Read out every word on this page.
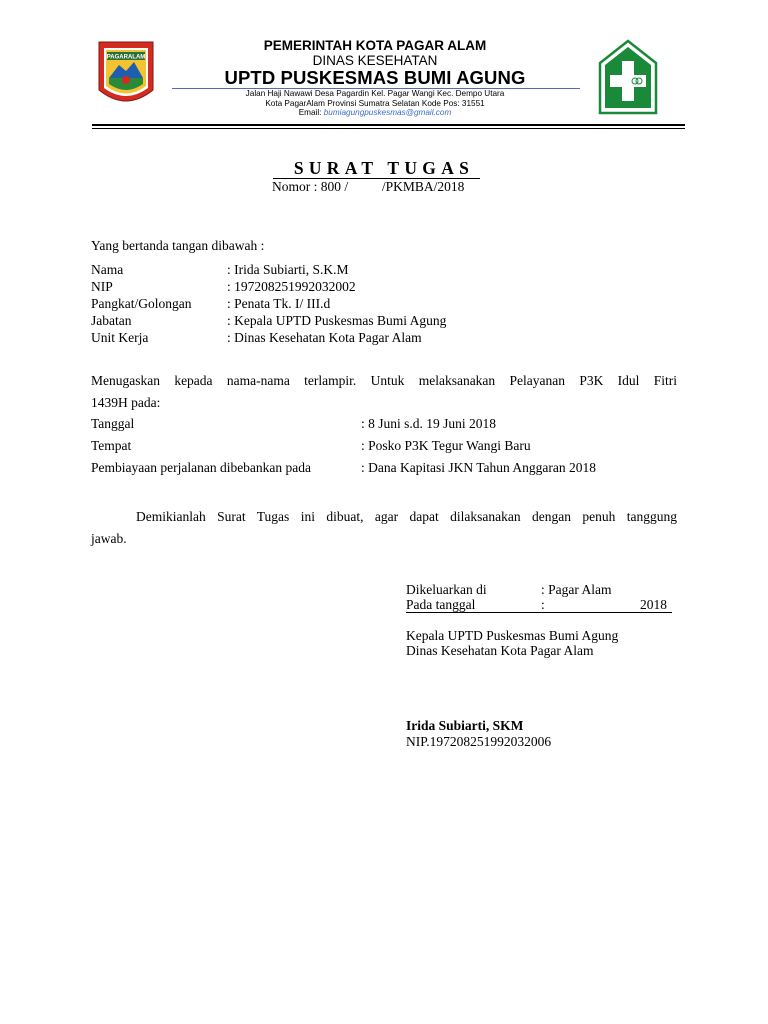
PAGARALAM
PEMERINTAH KOTA PAGAR ALAM
DINAS KESEHATAN
UPTD PUSKESMAS BUMI AGUNG
Jalan Haji Nawawi Desa Pagardin Kel. Pagar Wangi Kec. Dempo Utara
Kota PagarAlam Provinsi Sumatra Selatan Kode Pos: 31551
Email: bumiagungpuskesmas@gmail.com
SURAT TUGAS
Nomor : 800 /          /PKMBA/2018
Yang bertanda tangan dibawah :
Nama	: Irida Subiarti, S.K.M
NIP	: 197208251992032002
Pangkat/Golongan	: Penata Tk. I/ III.d
Jabatan	: Kepala UPTD Puskesmas Bumi Agung
Unit Kerja	: Dinas Kesehatan Kota Pagar Alam
Menugaskan kepada nama-nama terlampir. Untuk melaksanakan Pelayanan P3K Idul Fitri
1439H pada:
Tanggal	: 8 Juni s.d. 19 Juni 2018
Tempat	: Posko P3K Tegur Wangi Baru
Pembiayaan perjalanan dibebankan pada	: Dana Kapitasi JKN Tahun Anggaran 2018
Demikianlah Surat Tugas ini dibuat, agar dapat dilaksanakan dengan penuh tanggung
jawab.
Dikeluarkan di	: Pagar Alam
Pada tanggal	:	2018
Kepala UPTD Puskesmas Bumi Agung
Dinas Kesehatan Kota Pagar Alam
Irida Subiarti, SKM
NIP.197208251992032006
